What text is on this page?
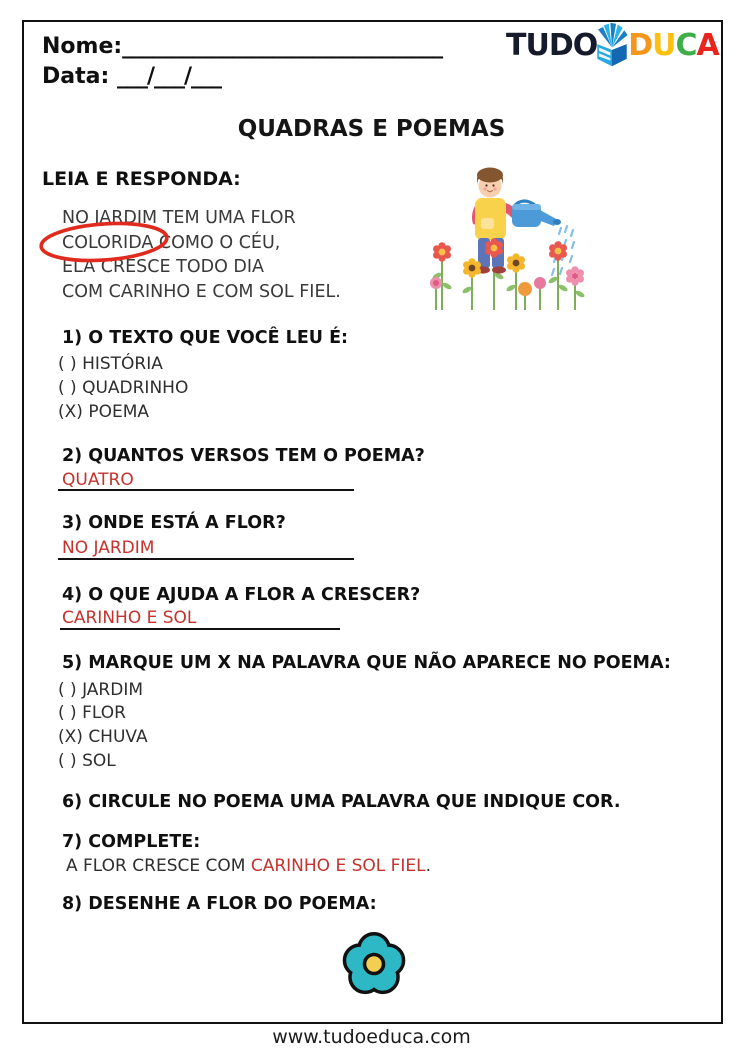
Nome:________________________________
Data: ___/___/___
TUDO D U C A
QUADRAS E POEMAS
LEIA E RESPONDA:
NO JARDIM TEM UMA FLOR
COLORIDA COMO O CÉU,
ELA CRESCE TODO DIA
COM CARINHO E COM SOL FIEL.
1) O TEXTO QUE VOCÊ LEU É:
( ) HISTÓRIA
( ) QUADRINHO
(X) POEMA
2) QUANTOS VERSOS TEM O POEMA?
QUATRO
3) ONDE ESTÁ A FLOR?
NO JARDIM
4) O QUE AJUDA A FLOR A CRESCER?
CARINHO E SOL
5) MARQUE UM X NA PALAVRA QUE NÃO APARECE NO POEMA:
( ) JARDIM
( ) FLOR
(X) CHUVA
( ) SOL
6) CIRCULE NO POEMA UMA PALAVRA QUE INDIQUE COR.
7) COMPLETE:
A FLOR CRESCE COM CARINHO E SOL FIEL.
8) DESENHE A FLOR DO POEMA:
www.tudoeduca.com
